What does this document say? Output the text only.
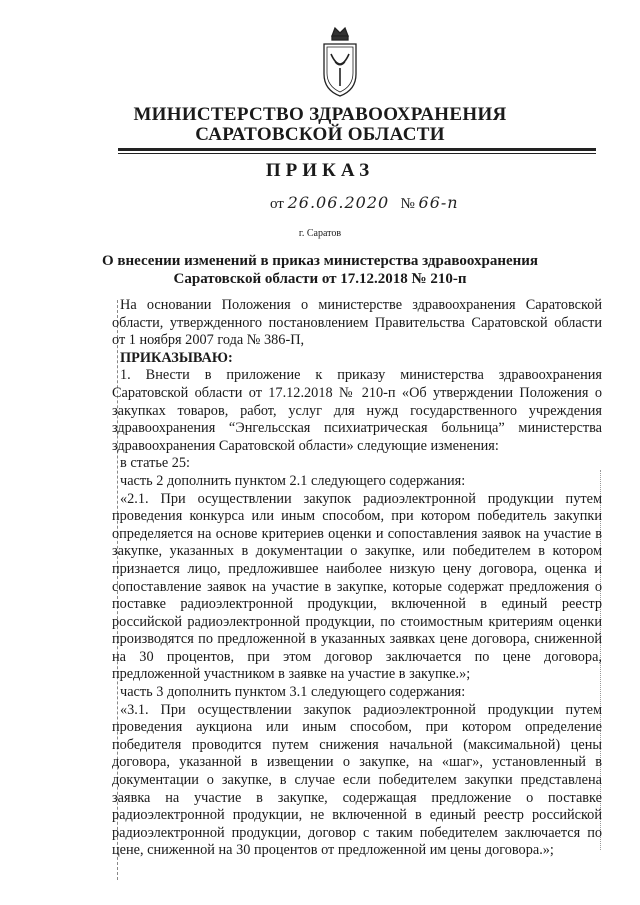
МИНИСТЕРСТВО ЗДРАВООХРАНЕНИЯ
САРАТОВСКОЙ ОБЛАСТИ
ПРИКАЗ
от 26.06.2020 № 66-п
г. Саратов
О внесении изменений в приказ министерства здравоохранения
Саратовской области от 17.12.2018 № 210-п

На основании Положения о министерстве здравоохранения Саратовской области, утвержденного постановлением Правительства Саратовской области от 1 ноября 2007 года № 386-П,

ПРИКАЗЫВАЮ:

1. Внести в приложение к приказу министерства здравоохранения Саратовской области от 17.12.2018 № 210-п «Об утверждении Положения о закупках товаров, работ, услуг для нужд государственного учреждения здравоохранения “Энгельсская психиатрическая больница” министерства здравоохранения Саратовской области» следующие изменения:

в статье 25:

часть 2 дополнить пунктом 2.1 следующего содержания:

«2.1. При осуществлении закупок радиоэлектронной продукции путем проведения конкурса или иным способом, при котором победитель закупки определяется на основе критериев оценки и сопоставления заявок на участие в закупке, указанных в документации о закупке, или победителем в котором признается лицо, предложившее наиболее низкую цену договора, оценка и сопоставление заявок на участие в закупке, которые содержат предложения о поставке радиоэлектронной продукции, включенной в единый реестр российской радиоэлектронной продукции, по стоимостным критериям оценки производятся по предложенной в указанных заявках цене договора, сниженной на 30 процентов, при этом договор заключается по цене договора, предложенной участником в заявке на участие в закупке.»;

часть 3 дополнить пунктом 3.1 следующего содержания:

«3.1. При осуществлении закупок радиоэлектронной продукции путем проведения аукциона или иным способом, при котором определение победителя проводится путем снижения начальной (максимальной) цены договора, указанной в извещении о закупке, на «шаг», установленный в документации о закупке, в случае если победителем закупки представлена заявка на участие в закупке, содержащая предложение о поставке радиоэлектронной продукции, не включенной в единый реестр российской радиоэлектронной продукции, договор с таким победителем заключается по цене, сниженной на 30 процентов от предложенной им цены договора.»;
